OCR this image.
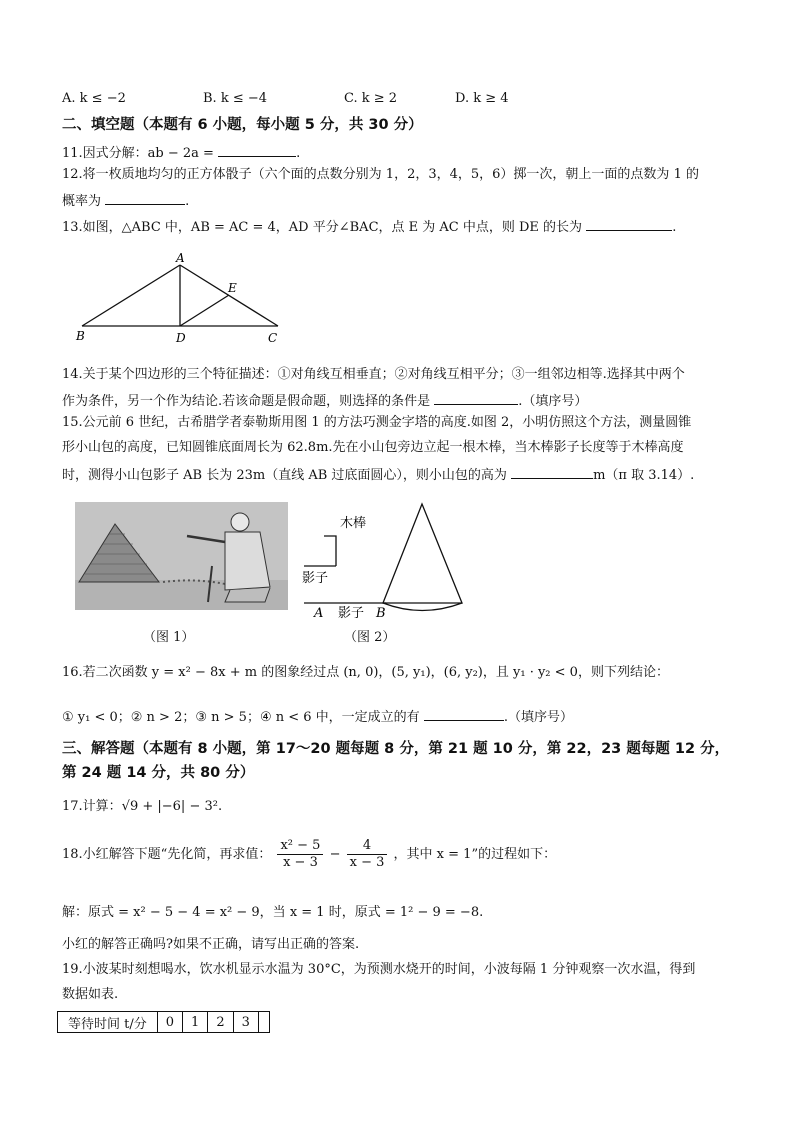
A. k ≤ −2	B. k ≤ −4	C. k ≥ 2	D. k ≥ 4
二、填空题（本题有 6 小题，每小题 5 分，共 30 分）
11.因式分解：ab − 2a =	.
12.将一枚质地均匀的正方体骰子（六个面的点数分别为 1，2，3，4，5，6）掷一次，朝上一面的点数为 1 的
概率为	.
13.如图，△ABC 中，AB = AC = 4，AD 平分∠BAC，点 E 为 AC 中点，则 DE 的长为	.
A
B	D	C
E
14.关于某个四边形的三个特征描述：①对角线互相垂直；②对角线互相平分；③一组邻边相等.选择其中两个
作为条件，另一个作为结论.若该命题是假命题，则选择的条件是	.（填序号）
15.公元前 6 世纪，古希腊学者泰勒斯用图 1 的方法巧测金字塔的高度.如图 2，小明仿照这个方法，测量圆锥
形小山包的高度，已知圆锥底面周长为 62.8m.先在小山包旁边立起一根木棒，当木棒影子长度等于木棒高度
时，测得小山包影子 AB 长为 23m（直线 AB 过底面圆心），则小山包的高为	m（π 取 3.14）.
（图 1）
木棒
影子
A 影子 B
（图 2）
16.若二次函数 y = x² − 8x + m 的图象经过点 (n, 0)，(5, y₁)，(6, y₂)，且 y₁ · y₂ < 0，则下列结论：
① y₁ < 0；② n > 2；③ n > 5；④ n < 6 中，一定成立的有	.（填序号）
三、解答题（本题有 8 小题，第 17～20 题每题 8 分，第 21 题 10 分，第 22，23 题每题 12 分，
第 24 题 14 分，共 80 分）
17.计算：√9 + |−6| − 3².
18.小红解答下题“先化简，再求值： $\frac{\text{x² − 5}}{x - 3} - \frac{4}{x - 3}$ ，其中 x = 1”的过程如下：
解：原式 = x² − 5 − 4 = x² − 9，当 x = 1 时，原式 = 1² − 9 = −8.
小红的解答正确吗?如果不正确，请写出正确的答案.
19.小波某时刻想喝水，饮水机显示水温为 30°C，为预测水烧开的时间，小波每隔 1 分钟观察一次水温，得到
数据如表.
等待时间 t/分	0	1	2	3	
